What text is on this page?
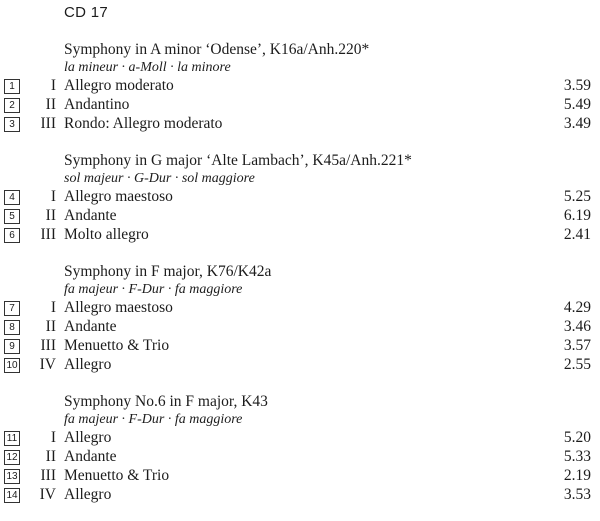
CD 17
Symphony in A minor ‘Odense’, K16a/Anh.220*
la mineur · a-Moll · la minore
1	I Allegro moderato	3.59
2	II Andantino	5.49
3	III Rondo: Allegro moderato	3.49
Symphony in G major ‘Alte Lambach’, K45a/Anh.221*
sol majeur · G-Dur · sol maggiore
4	I Allegro maestoso	5.25
5	II Andante	6.19
6	III Molto allegro	2.41
Symphony in F major, K76/K42a
fa majeur · F-Dur · fa maggiore
7	I Allegro maestoso	4.29
8	II Andante	3.46
9	III Menuetto & Trio	3.57
10 IV Allegro	2.55
Symphony No.6 in F major, K43
fa majeur · F-Dur · fa maggiore
11 I Allegro	5.20
12 II Andante	5.33
13 III Menuetto & Trio	2.19
14 IV Allegro	3.53
